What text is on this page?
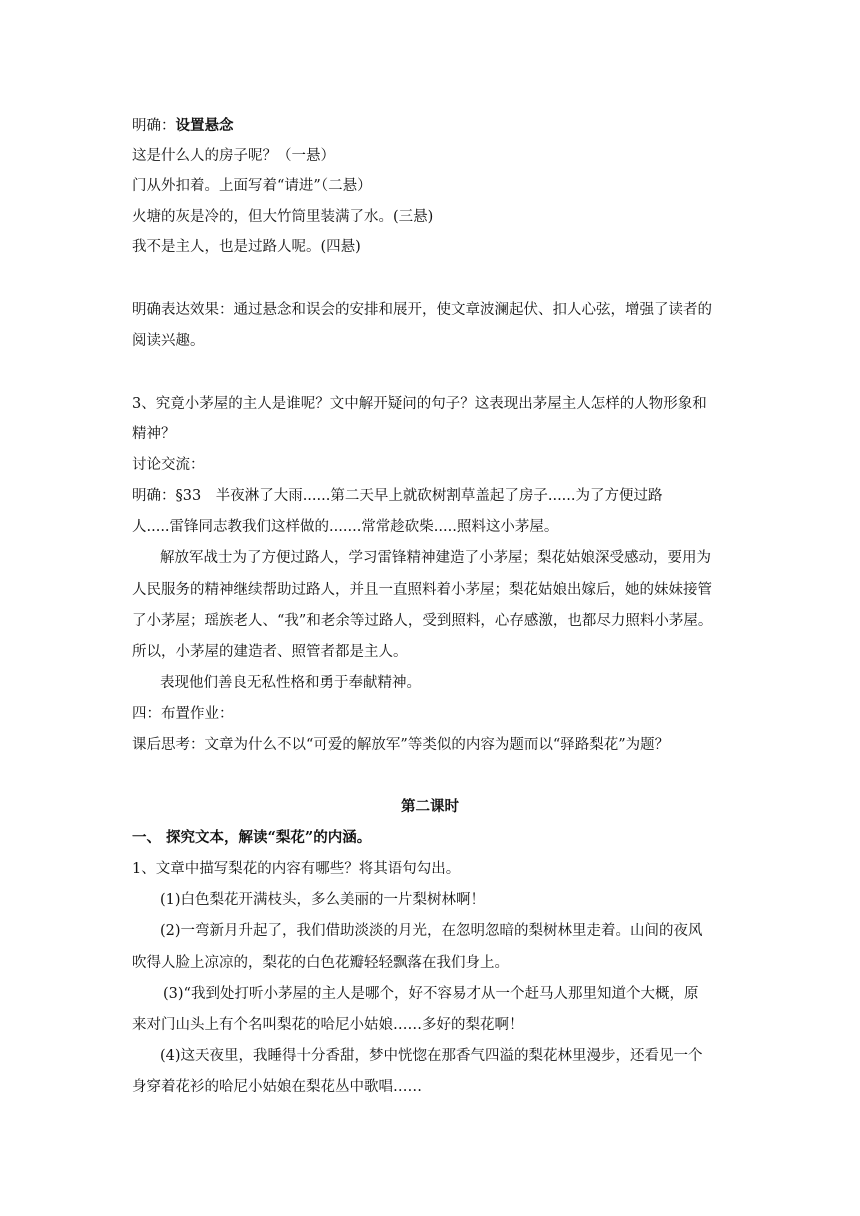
明确：设置悬念
这是什么人的房子呢？（一悬）
门从外扣着。上面写着“请进”（二悬）
火塘的灰是冷的，但大竹筒里装满了水。(三悬)
我不是主人，也是过路人呢。(四悬)
明确表达效果：通过悬念和误会的安排和展开，使文章波澜起伏、扣人心弦，增强了读者的
阅读兴趣。
3、究竟小茅屋的主人是谁呢？文中解开疑问的句子？这表现出茅屋主人怎样的人物形象和
精神？
讨论交流：
明确：§33　半夜淋了大雨......第二天早上就砍树割草盖起了房子......为了方便过路
人.....雷锋同志教我们这样做的.......常常趁砍柴.....照料这小茅屋。
解放军战士为了方便过路人，学习雷锋精神建造了小茅屋；梨花姑娘深受感动，要用为
人民服务的精神继续帮助过路人，并且一直照料着小茅屋；梨花姑娘出嫁后，她的妹妹接管
了小茅屋；瑶族老人、“我”和老余等过路人，受到照料，心存感激，也都尽力照料小茅屋。
所以，小茅屋的建造者、照管者都是主人。
表现他们善良无私性格和勇于奉献精神。
四：布置作业：
课后思考：文章为什么不以“可爱的解放军”等类似的内容为题而以“驿路梨花”为题？
第二课时
一、 探究文本，解读“梨花”的内涵。
1、文章中描写梨花的内容有哪些？将其语句勾出。
(1)白色梨花开满枝头，多么美丽的一片梨树林啊！
(2)一弯新月升起了，我们借助淡淡的月光，在忽明忽暗的梨树林里走着。山间的夜风
吹得人脸上凉凉的，梨花的白色花瓣轻轻飘落在我们身上。
(3)“我到处打听小茅屋的主人是哪个，好不容易才从一个赶马人那里知道个大概，原
来对门山头上有个名叫梨花的哈尼小姑娘……多好的梨花啊！
(4)这天夜里，我睡得十分香甜，梦中恍惚在那香气四溢的梨花林里漫步，还看见一个
身穿着花衫的哈尼小姑娘在梨花丛中歌唱……
